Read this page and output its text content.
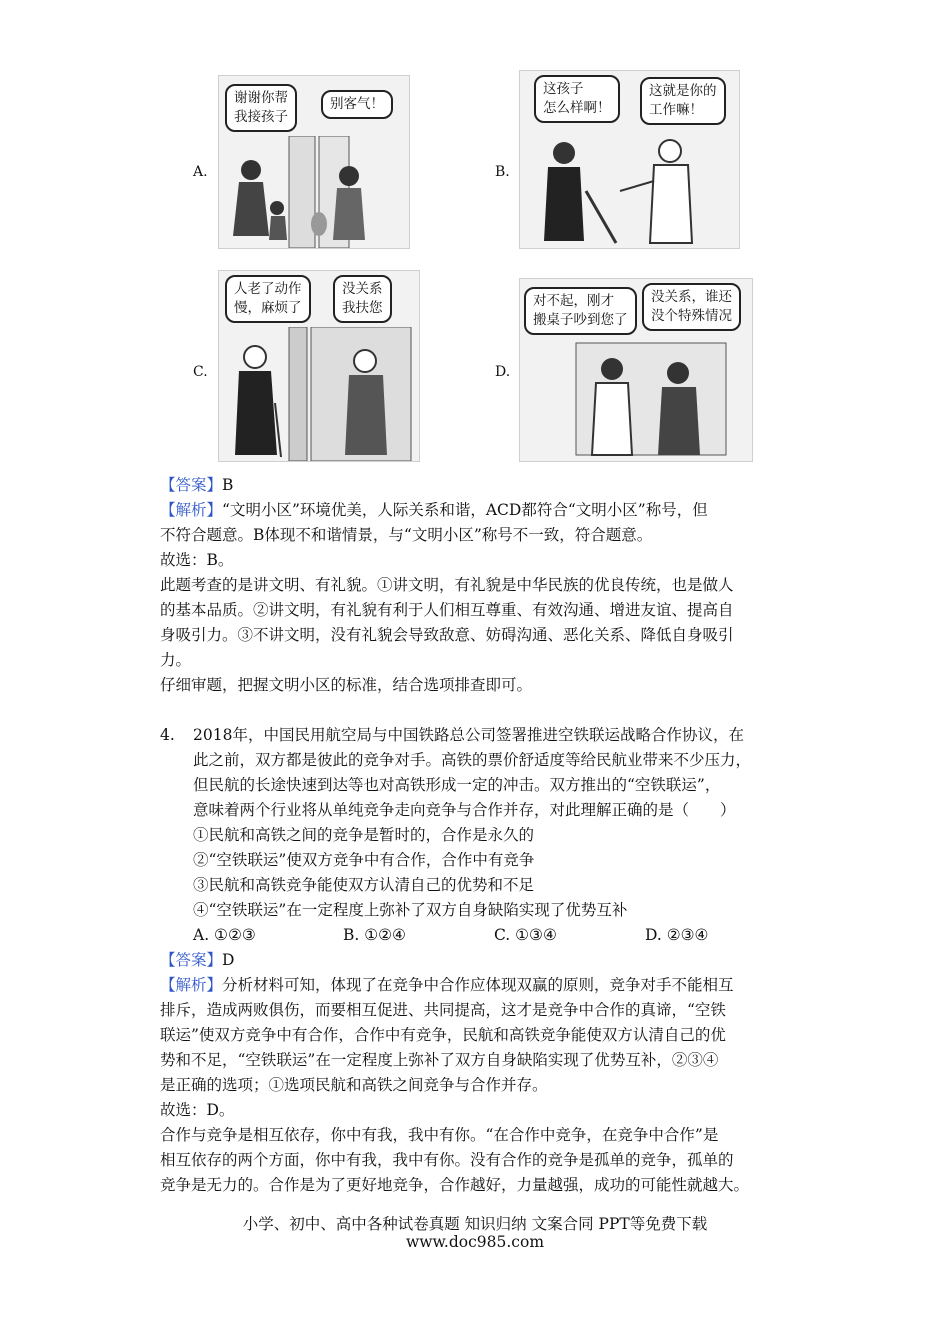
A.
谢谢你帮
我接孩子
别客气！
B.
这孩子
怎么样啊！
这就是你的
工作嘛！
C.
人老了动作
慢，麻烦了
没关系
我扶您
D.
对不起，刚才
搬桌子吵到您了
没关系，谁还
没个特殊情况
【答案】B
【解析】“文明小区”环境优美，人际关系和谐，ACD都符合“文明小区”称号，但
不符合题意。B体现不和谐情景，与“文明小区”称号不一致，符合题意。
故选：B。
此题考查的是讲文明、有礼貌。①讲文明，有礼貌是中华民族的优良传统，也是做人
的基本品质。②讲文明，有礼貌有利于人们相互尊重、有效沟通、增进友谊、提高自
身吸引力。③不讲文明，没有礼貌会导致敌意、妨碍沟通、恶化关系、降低自身吸引
力。
仔细审题，把握文明小区的标准，结合选项排查即可。
4. 2018年，中国民用航空局与中国铁路总公司签署推进空铁联运战略合作协议，在
此之前，双方都是彼此的竞争对手。高铁的票价舒适度等给民航业带来不少压力，
但民航的长途快速到达等也对高铁形成一定的冲击。双方推出的“空铁联运”，
意味着两个行业将从单纯竞争走向竞争与合作并存，对此理解正确的是（　　）
①民航和高铁之间的竞争是暂时的，合作是永久的
②“空铁联运”使双方竞争中有合作，合作中有竞争
③民航和高铁竞争能使双方认清自己的优势和不足
④“空铁联运”在一定程度上弥补了双方自身缺陷实现了优势互补
A. ①②③	B. ①②④	C. ①③④	D. ②③④
【答案】D
【解析】分析材料可知，体现了在竞争中合作应体现双赢的原则，竞争对手不能相互
排斥，造成两败俱伤，而要相互促进、共同提高，这才是竞争中合作的真谛，“空铁
联运”使双方竞争中有合作，合作中有竞争，民航和高铁竞争能使双方认清自己的优
势和不足，“空铁联运”在一定程度上弥补了双方自身缺陷实现了优势互补，②③④
是正确的选项；①选项民航和高铁之间竞争与合作并存。
故选：D。
合作与竞争是相互依存，你中有我，我中有你。“在合作中竞争，在竞争中合作”是
相互依存的两个方面，你中有我，我中有你。没有合作的竞争是孤单的竞争，孤单的
竞争是无力的。合作是为了更好地竞争，合作越好，力量越强，成功的可能性就越大。
小学、初中、高中各种试卷真题 知识归纳 文案合同 PPT等免费下载
www.doc985.com
